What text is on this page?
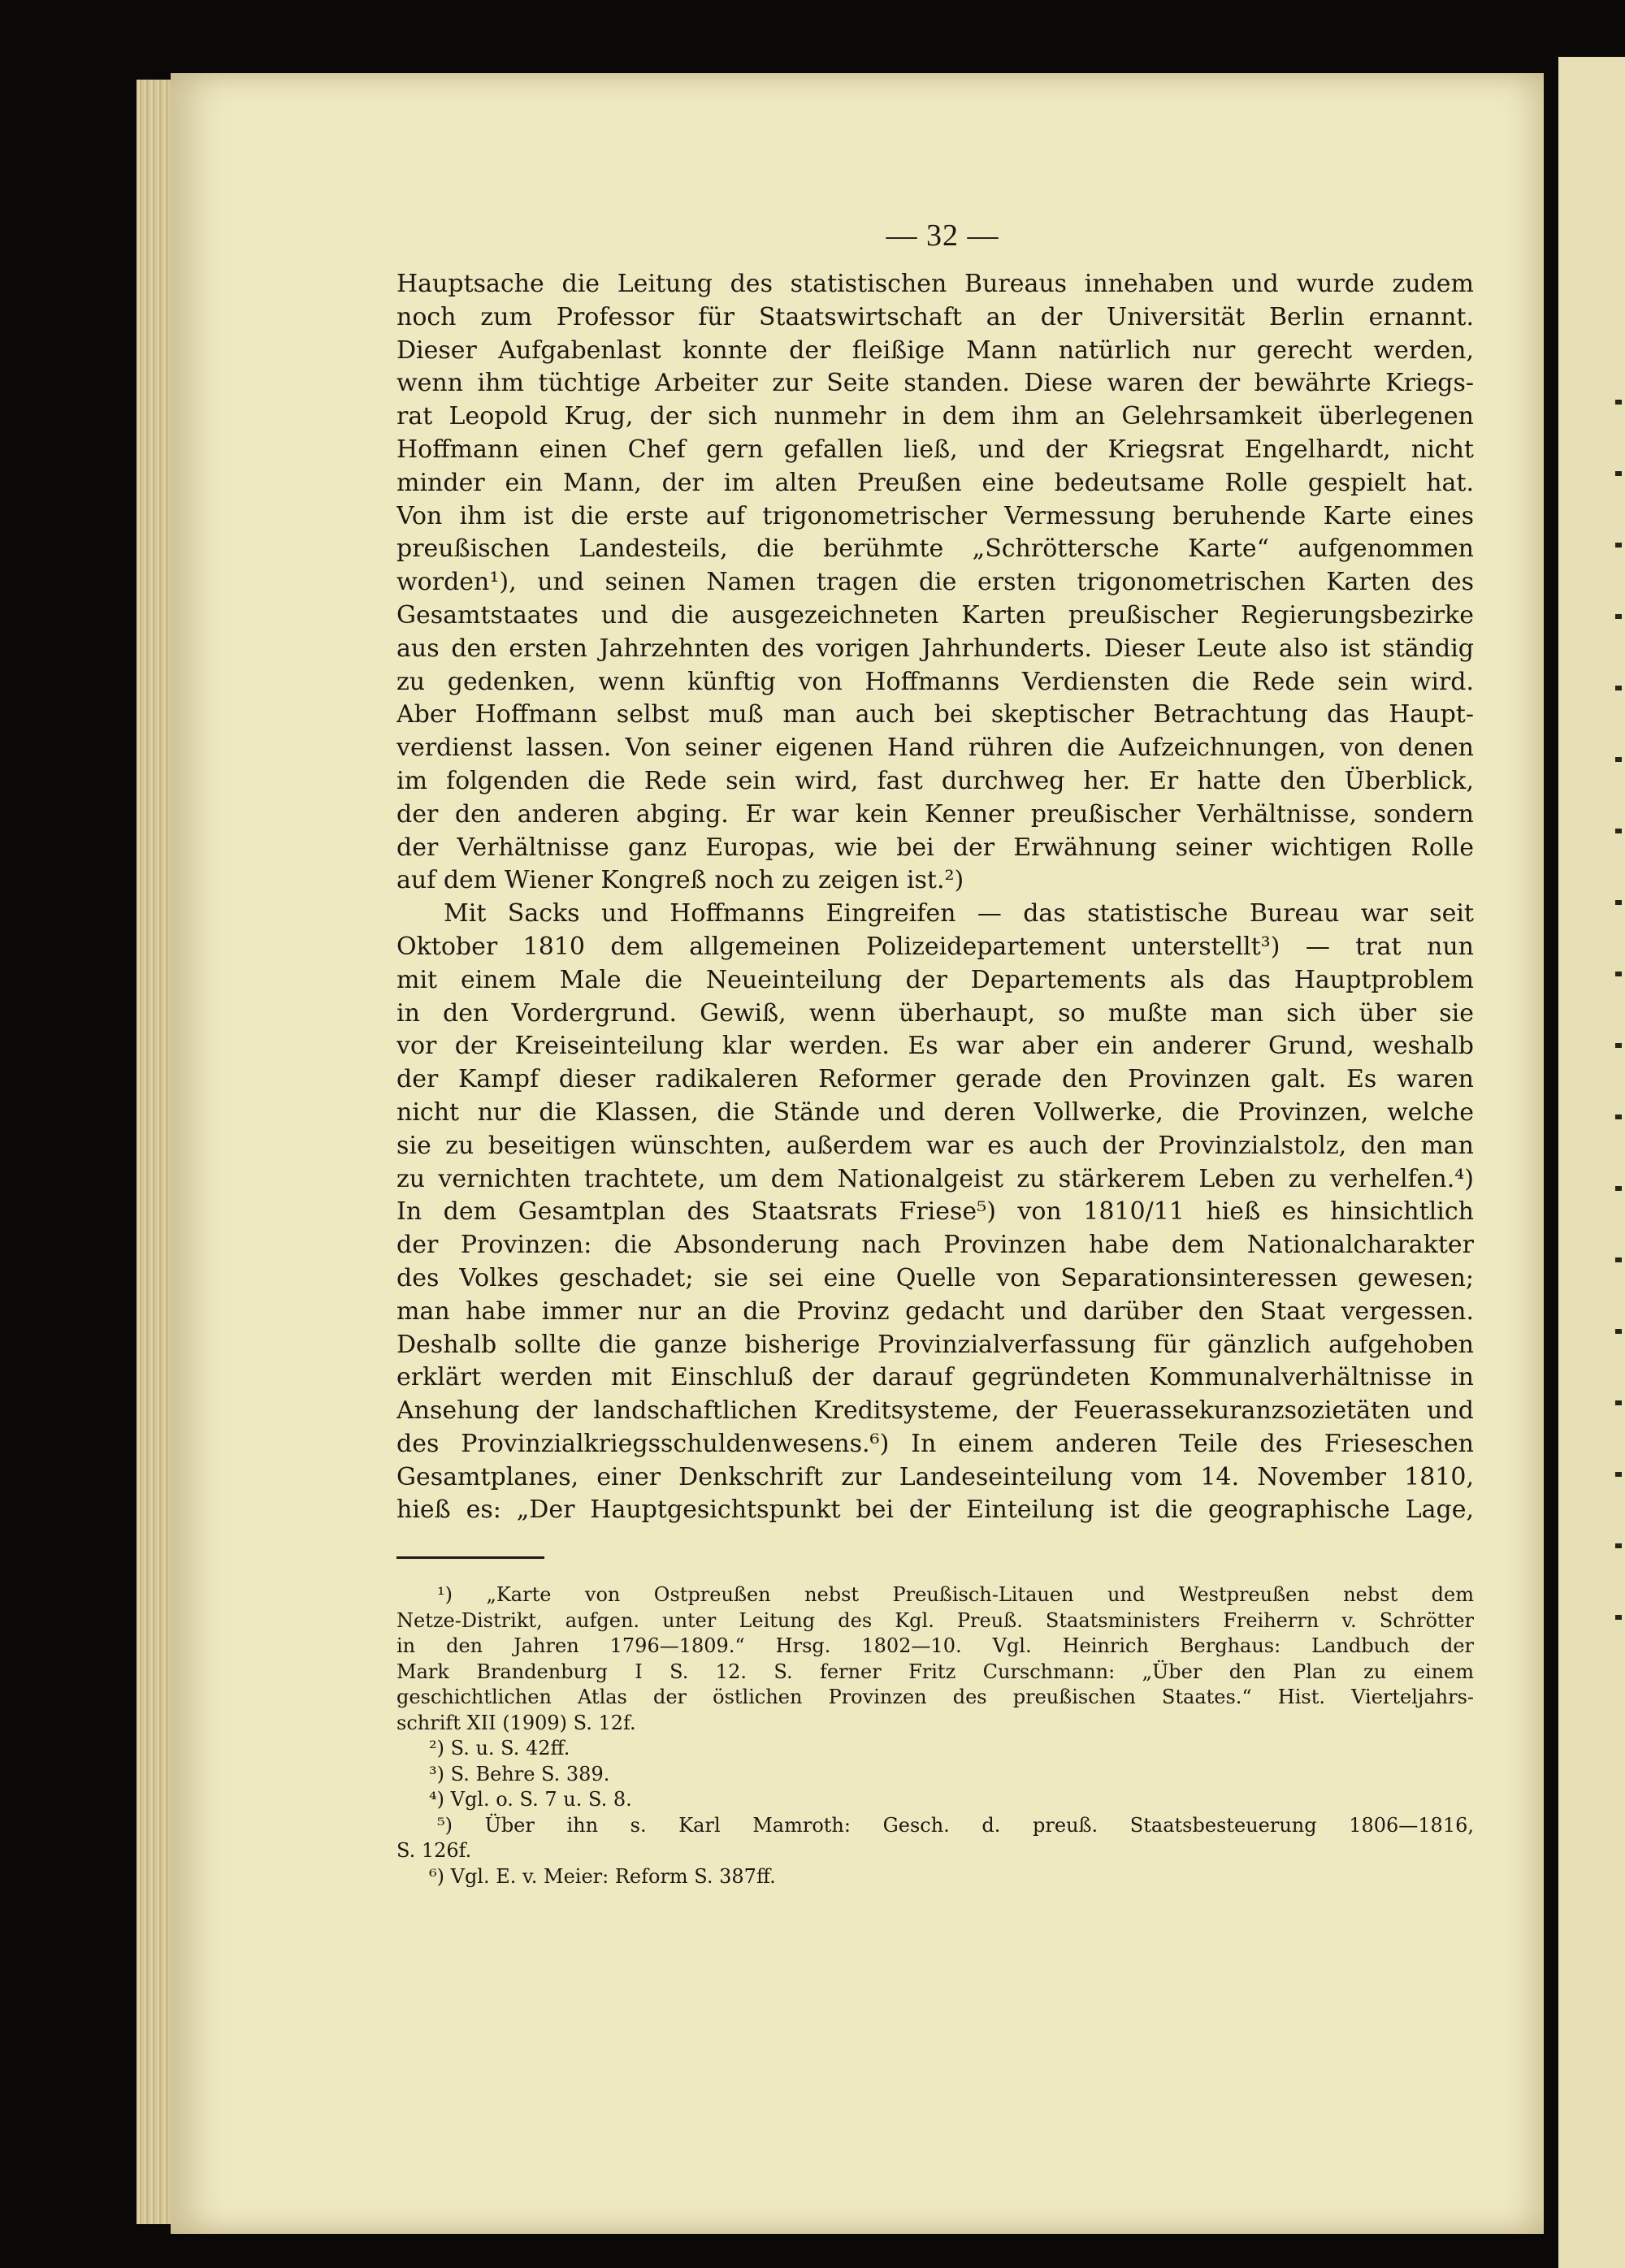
— 32 —
Hauptsache die Leitung des statistischen Bureaus innehaben und wurde zudem
noch zum Professor für Staatswirtschaft an der Universität Berlin ernannt.
Dieser Aufgabenlast konnte der fleißige Mann natürlich nur gerecht werden,
wenn ihm tüchtige Arbeiter zur Seite standen. Diese waren der bewährte Kriegs-
rat Leopold Krug, der sich nunmehr in dem ihm an Gelehrsamkeit überlegenen
Hoffmann einen Chef gern gefallen ließ, und der Kriegsrat Engelhardt, nicht
minder ein Mann, der im alten Preußen eine bedeutsame Rolle gespielt hat.
Von ihm ist die erste auf trigonometrischer Vermessung beruhende Karte eines
preußischen Landesteils, die berühmte „Schröttersche Karte“ aufgenommen
worden¹), und seinen Namen tragen die ersten trigonometrischen Karten des
Gesamtstaates und die ausgezeichneten Karten preußischer Regierungsbezirke
aus den ersten Jahrzehnten des vorigen Jahrhunderts. Dieser Leute also ist ständig
zu gedenken, wenn künftig von Hoffmanns Verdiensten die Rede sein wird.
Aber Hoffmann selbst muß man auch bei skeptischer Betrachtung das Haupt-
verdienst lassen. Von seiner eigenen Hand rühren die Aufzeichnungen, von denen
im folgenden die Rede sein wird, fast durchweg her. Er hatte den Überblick,
der den anderen abging. Er war kein Kenner preußischer Verhältnisse, sondern
der Verhältnisse ganz Europas, wie bei der Erwähnung seiner wichtigen Rolle
auf dem Wiener Kongreß noch zu zeigen ist.²)
Mit Sacks und Hoffmanns Eingreifen — das statistische Bureau war seit
Oktober 1810 dem allgemeinen Polizeidepartement unterstellt³) — trat nun
mit einem Male die Neueinteilung der Departements als das Hauptproblem
in den Vordergrund. Gewiß, wenn überhaupt, so mußte man sich über sie
vor der Kreiseinteilung klar werden. Es war aber ein anderer Grund, weshalb
der Kampf dieser radikaleren Reformer gerade den Provinzen galt. Es waren
nicht nur die Klassen, die Stände und deren Vollwerke, die Provinzen, welche
sie zu beseitigen wünschten, außerdem war es auch der Provinzialstolz, den man
zu vernichten trachtete, um dem Nationalgeist zu stärkerem Leben zu verhelfen.⁴)
In dem Gesamtplan des Staatsrats Friese⁵) von 1810/11 hieß es hinsichtlich
der Provinzen: die Absonderung nach Provinzen habe dem Nationalcharakter
des Volkes geschadet; sie sei eine Quelle von Separationsinteressen gewesen;
man habe immer nur an die Provinz gedacht und darüber den Staat vergessen.
Deshalb sollte die ganze bisherige Provinzialverfassung für gänzlich aufgehoben
erklärt werden mit Einschluß der darauf gegründeten Kommunalverhältnisse in
Ansehung der landschaftlichen Kreditsysteme, der Feuerassekuranzsozietäten und
des Provinzialkriegsschuldenwesens.⁶) In einem anderen Teile des Frieseschen
Gesamtplanes, einer Denkschrift zur Landeseinteilung vom 14. November 1810,
hieß es: „Der Hauptgesichtspunkt bei der Einteilung ist die geographische Lage,
¹) „Karte von Ostpreußen nebst Preußisch-Litauen und Westpreußen nebst dem
Netze-Distrikt, aufgen. unter Leitung des Kgl. Preuß. Staatsministers Freiherrn v. Schrötter
in den Jahren 1796—1809.“ Hrsg. 1802—10. Vgl. Heinrich Berghaus: Landbuch der
Mark Brandenburg I S. 12. S. ferner Fritz Curschmann: „Über den Plan zu einem
geschichtlichen Atlas der östlichen Provinzen des preußischen Staates.“ Hist. Vierteljahrs-
schrift XII (1909) S. 12f.
²) S. u. S. 42ff.
³) S. Behre S. 389.
⁴) Vgl. o. S. 7 u. S. 8.
⁵) Über ihn s. Karl Mamroth: Gesch. d. preuß. Staatsbesteuerung 1806—1816,
S. 126f.
⁶) Vgl. E. v. Meier: Reform S. 387ff.
